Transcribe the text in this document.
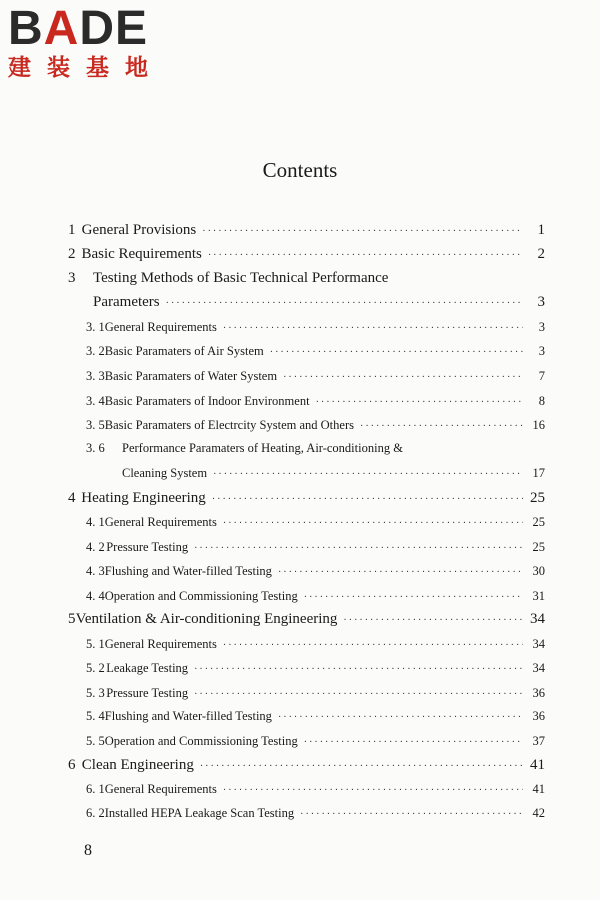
BADE
建装基地
Contents
1 General Provisions ·····	1
2 Basic Requirements ·····	2
3	Testing Methods of Basic Technical Performance
Parameters ·····	3
3. 1 General Requirements ·····	3
3. 2 Basic Paramaters of Air System ·····	3
3. 3 Basic Paramaters of Water System ·····	7
3. 4 Basic Paramaters of Indoor Environment ·····	8
3. 5 Basic Paramaters of Electrcity System and Others ·····	16
3. 6	Performance Paramaters of Heating, Air-conditioning &
Cleaning System ·····	17
4 Heating Engineering ·····	25
4. 1 General Requirements ·····	25
4. 2 Pressure Testing ·····	25
4. 3 Flushing and Water-filled Testing ·····	30
4. 4 Operation and Commissioning Testing ·····	31
5 Ventilation & Air-conditioning Engineering ·····	34
5. 1 General Requirements ·····	34
5. 2 Leakage Testing ·····	34
5. 3 Pressure Testing ·····	36
5. 4 Flushing and Water-filled Testing ·····	36
5. 5 Operation and Commissioning Testing ·····	37
6 Clean Engineering ·····	41
6. 1 General Requirements ·····	41
6. 2 Installed HEPA Leakage Scan Testing ·····	42
8
